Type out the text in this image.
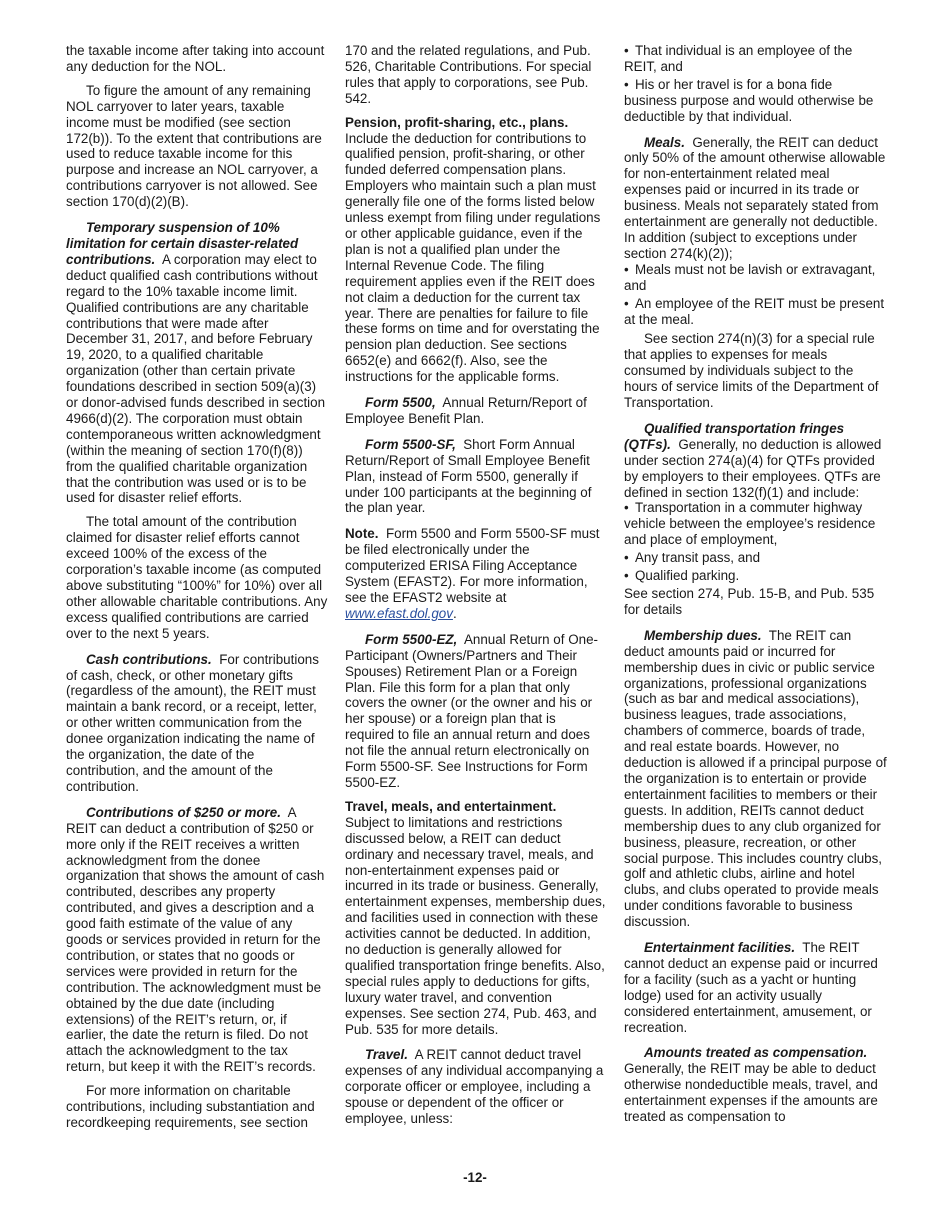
the taxable income after taking into account any deduction for the NOL.

To figure the amount of any remaining NOL carryover to later years, taxable income must be modified (see section 172(b)). To the extent that contributions are used to reduce taxable income for this purpose and increase an NOL carryover, a contributions carryover is not allowed. See section 170(d)(2)(B).

Temporary suspension of 10% limitation for certain disaster-related contributions. A corporation may elect to deduct qualified cash contributions without regard to the 10% taxable income limit. Qualified contributions are any charitable contributions that were made after December 31, 2017, and before February 19, 2020, to a qualified charitable organization (other than certain private foundations described in section 509(a)(3) or donor-advised funds described in section 4966(d)(2). The corporation must obtain contemporaneous written acknowledgment (within the meaning of section 170(f)(8)) from the qualified charitable organization that the contribution was used or is to be used for disaster relief efforts.

The total amount of the contribution claimed for disaster relief efforts cannot exceed 100% of the excess of the corporation’s taxable income (as computed above substituting “100%” for 10%) over all other allowable charitable contributions. Any excess qualified contributions are carried over to the next 5 years.

Cash contributions. For contributions of cash, check, or other monetary gifts (regardless of the amount), the REIT must maintain a bank record, or a receipt, letter, or other written communication from the donee organization indicating the name of the organization, the date of the contribution, and the amount of the contribution.

Contributions of $250 or more. A REIT can deduct a contribution of $250 or more only if the REIT receives a written acknowledgment from the donee organization that shows the amount of cash contributed, describes any property contributed, and gives a description and a good faith estimate of the value of any goods or services provided in return for the contribution, or states that no goods or services were provided in return for the contribution. The acknowledgment must be obtained by the due date (including extensions) of the REIT’s return, or, if earlier, the date the return is filed. Do not attach the acknowledgment to the tax return, but keep it with the REIT’s records.

For more information on charitable contributions, including substantiation and recordkeeping requirements, see section

170 and the related regulations, and Pub. 526, Charitable Contributions. For special rules that apply to corporations, see Pub. 542.

Pension, profit-sharing, etc., plans.

Include the deduction for contributions to qualified pension, profit-sharing, or other funded deferred compensation plans. Employers who maintain such a plan must generally file one of the forms listed below unless exempt from filing under regulations or other applicable guidance, even if the plan is not a qualified plan under the Internal Revenue Code. The filing requirement applies even if the REIT does not claim a deduction for the current tax year. There are penalties for failure to file these forms on time and for overstating the pension plan deduction. See sections 6652(e) and 6662(f). Also, see the instructions for the applicable forms.

Form 5500, Annual Return/Report of Employee Benefit Plan.

Form 5500-SF, Short Form Annual Return/Report of Small Employee Benefit Plan, instead of Form 5500, generally if under 100 participants at the beginning of the plan year.

Note. Form 5500 and Form 5500-SF must be filed electronically under the computerized ERISA Filing Acceptance System (EFAST2). For more information, see the EFAST2 website at www.efast.dol.gov.

Form 5500-EZ, Annual Return of One-Participant (Owners/Partners and Their Spouses) Retirement Plan or a Foreign Plan. File this form for a plan that only covers the owner (or the owner and his or her spouse) or a foreign plan that is required to file an annual return and does not file the annual return electronically on Form 5500-SF. See Instructions for Form 5500-EZ.

Travel, meals, and entertainment.

Subject to limitations and restrictions discussed below, a REIT can deduct ordinary and necessary travel, meals, and non-entertainment expenses paid or incurred in its trade or business. Generally, entertainment expenses, membership dues, and facilities used in connection with these activities cannot be deducted. In addition, no deduction is generally allowed for qualified transportation fringe benefits. Also, special rules apply to deductions for gifts, luxury water travel, and convention expenses. See section 274, Pub. 463, and Pub. 535 for more details.

Travel. A REIT cannot deduct travel expenses of any individual accompanying a corporate officer or employee, including a spouse or dependent of the officer or employee, unless:

• That individual is an employee of the REIT, and
• His or her travel is for a bona fide business purpose and would otherwise be deductible by that individual.

Meals. Generally, the REIT can deduct only 50% of the amount otherwise allowable for non-entertainment related meal expenses paid or incurred in its trade or business. Meals not separately stated from entertainment are generally not deductible. In addition (subject to exceptions under section 274(k)(2));

• Meals must not be lavish or extravagant, and
• An employee of the REIT must be present at the meal.

See section 274(n)(3) for a special rule that applies to expenses for meals consumed by individuals subject to the hours of service limits of the Department of Transportation.

Qualified transportation fringes (QTFs). Generally, no deduction is allowed under section 274(a)(4) for QTFs provided by employers to their employees. QTFs are defined in section 132(f)(1) and include:

• Transportation in a commuter highway vehicle between the employee’s residence and place of employment,
• Any transit pass, and
• Qualified parking.

See section 274, Pub. 15-B, and Pub. 535 for details

Membership dues. The REIT can deduct amounts paid or incurred for membership dues in civic or public service organizations, professional organizations (such as bar and medical associations), business leagues, trade associations, chambers of commerce, boards of trade, and real estate boards. However, no deduction is allowed if a principal purpose of the organization is to entertain or provide entertainment facilities to members or their guests. In addition, REITs cannot deduct membership dues to any club organized for business, pleasure, recreation, or other social purpose. This includes country clubs, golf and athletic clubs, airline and hotel clubs, and clubs operated to provide meals under conditions favorable to business discussion.

Entertainment facilities. The REIT cannot deduct an expense paid or incurred for a facility (such as a yacht or hunting lodge) used for an activity usually considered entertainment, amusement, or recreation.

Amounts treated as compensation. Generally, the REIT may be able to deduct otherwise nondeductible meals, travel, and entertainment expenses if the amounts are treated as compensation to

-12-
